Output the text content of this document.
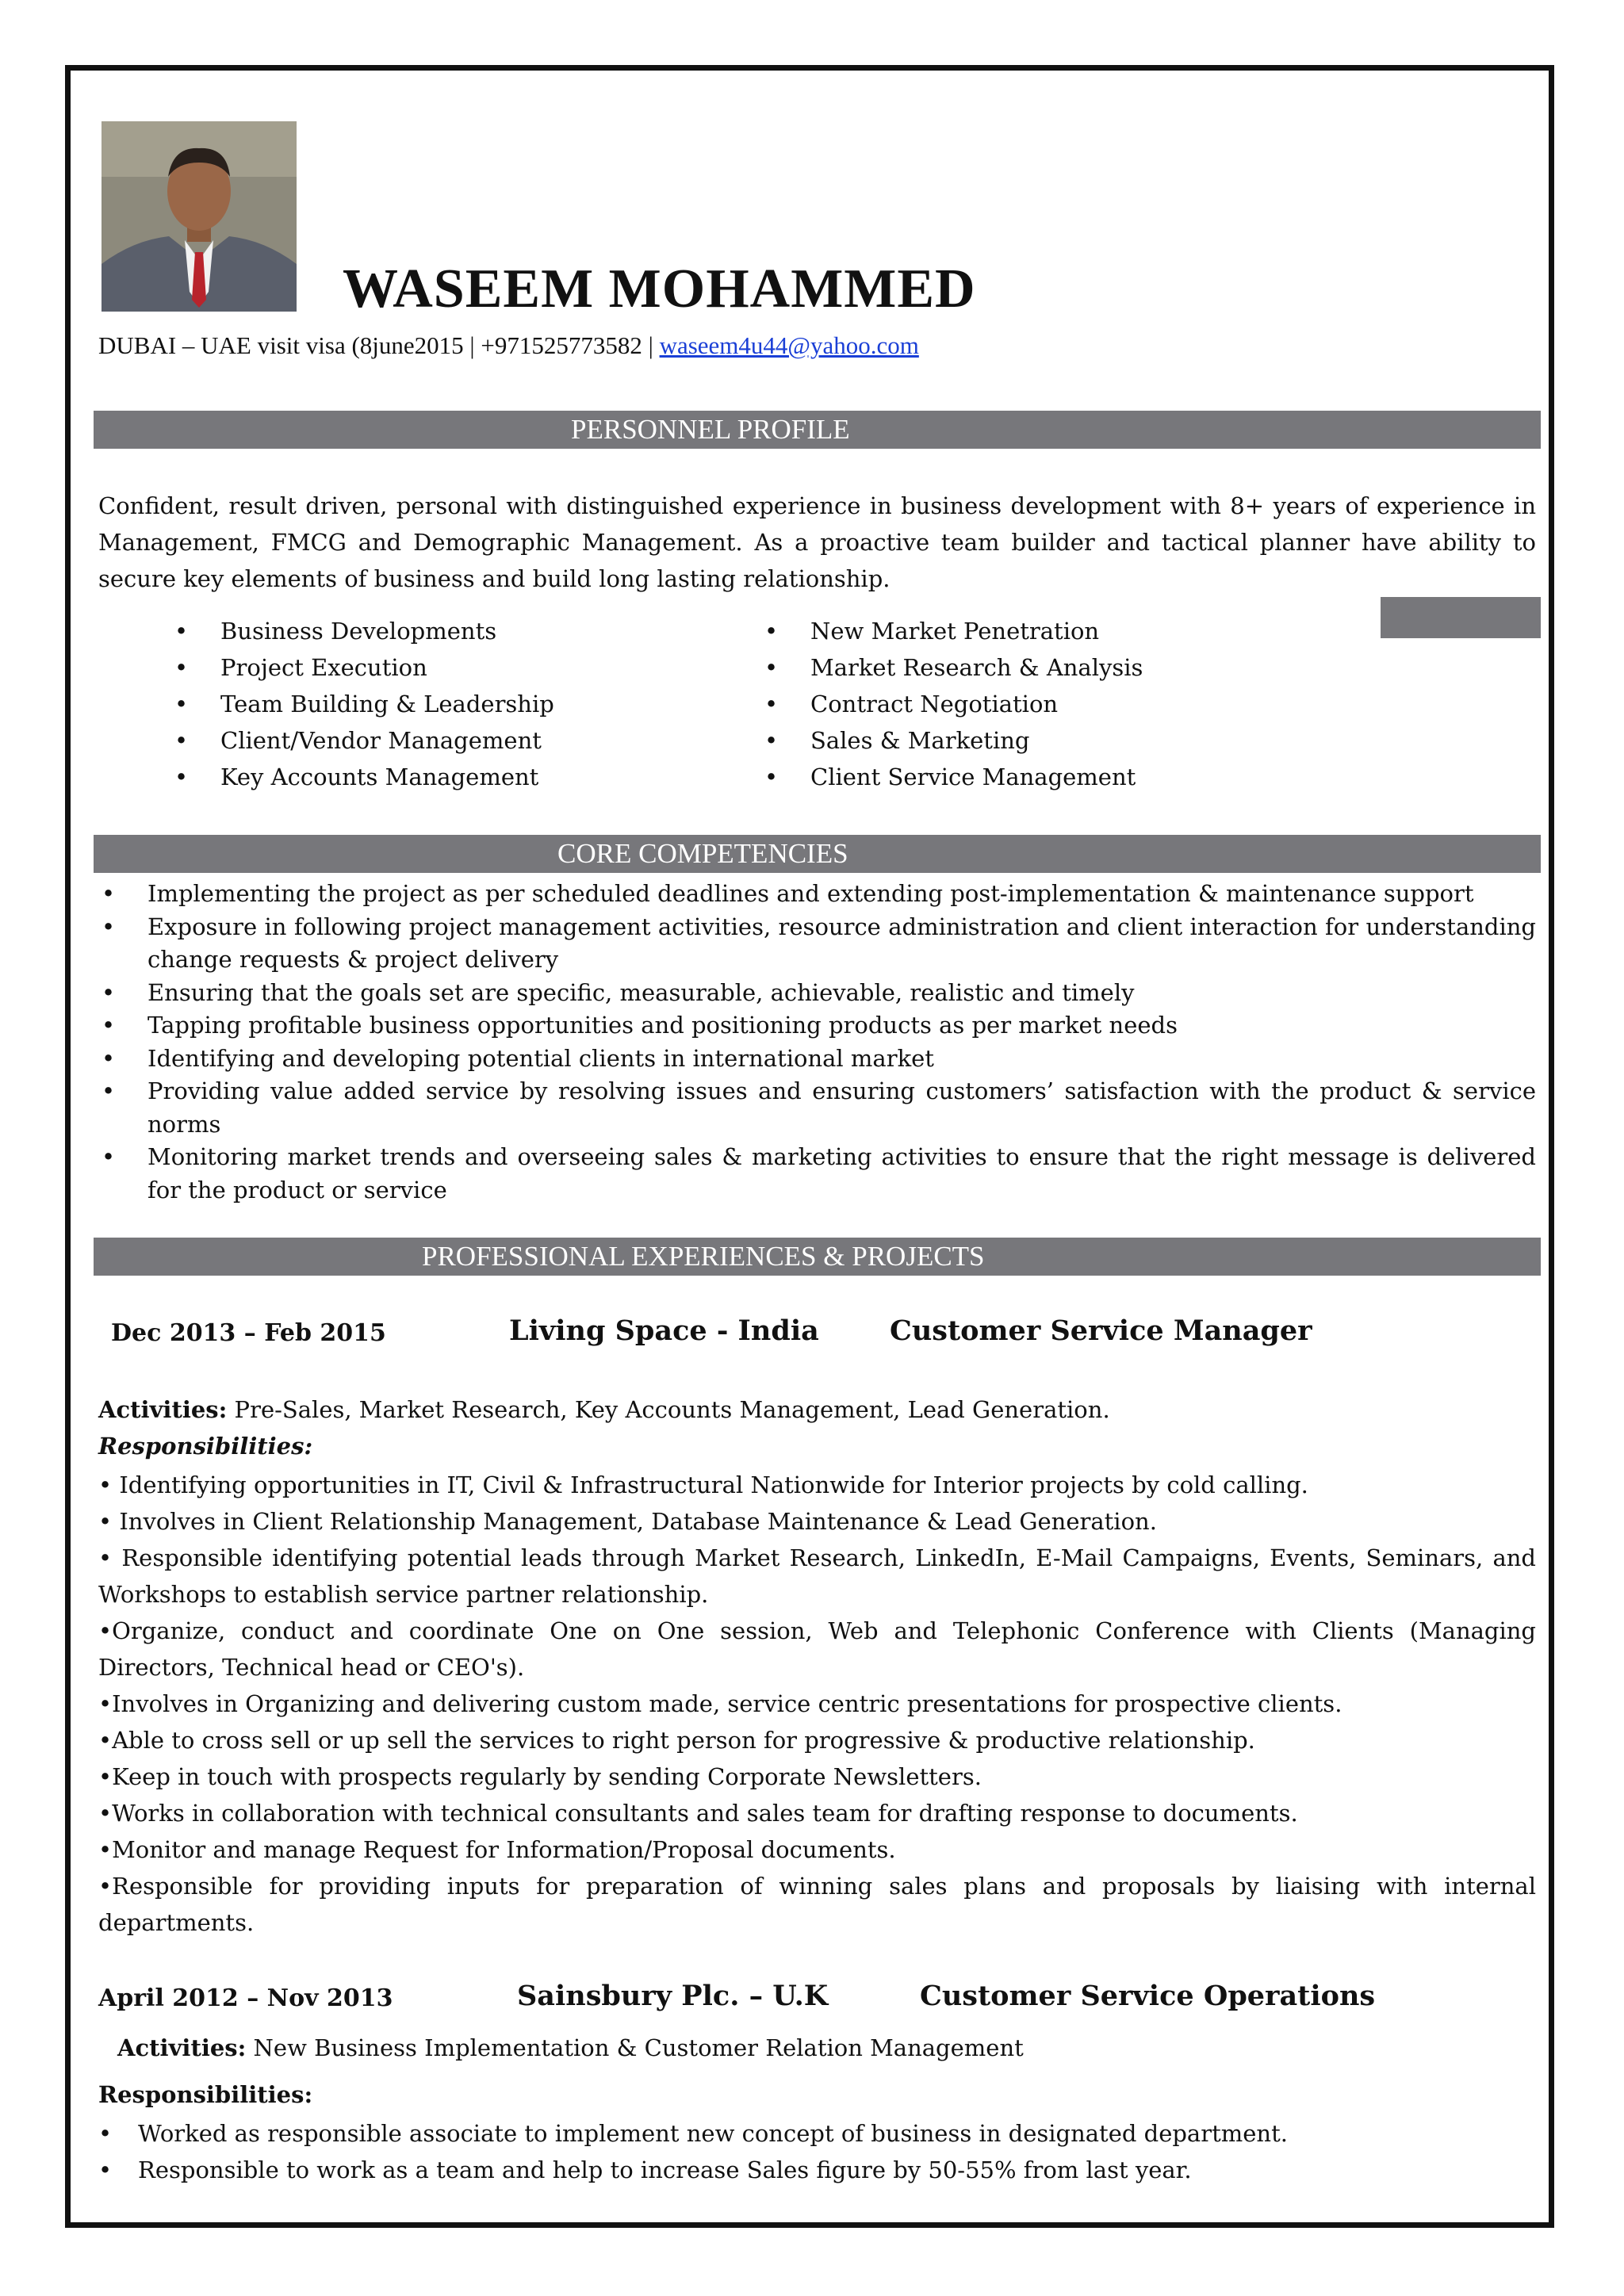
WASEEM MOHAMMED
DUBAI – UAE visit visa (8june2015 | +971525773582 | waseem4u44@yahoo.com
PERSONNEL PROFILE
Confident, result driven, personal with distinguished experience in business development with 8+ years of experience in Management, FMCG and Demographic Management. As a proactive team builder and tactical planner have ability to secure key elements of business and build long lasting relationship.
• Business Developments
• Project Execution
• Team Building & Leadership
• Client/Vendor Management
• Key Accounts Management
• New Market Penetration
• Market Research & Analysis
• Contract Negotiation
• Sales & Marketing
• Client Service Management
CORE COMPETENCIES
• Implementing the project as per scheduled deadlines and extending post-implementation & maintenance support
• Exposure in following project management activities, resource administration and client interaction for understanding change requests & project delivery
• Ensuring that the goals set are specific, measurable, achievable, realistic and timely
• Tapping profitable business opportunities and positioning products as per market needs
• Identifying and developing potential clients in international market
• Providing value added service by resolving issues and ensuring customers’ satisfaction with the product & service norms
• Monitoring market trends and overseeing sales & marketing activities to ensure that the right message is delivered for the product or service
PROFESSIONAL EXPERIENCES & PROJECTS
Dec 2013 – Feb 2015	Living Space - India	Customer Service Manager
Activities: Pre-Sales, Market Research, Key Accounts Management, Lead Generation.
Responsibilities:
• Identifying opportunities in IT, Civil & Infrastructural Nationwide for Interior projects by cold calling.
• Involves in Client Relationship Management, Database Maintenance & Lead Generation.
• Responsible identifying potential leads through Market Research, LinkedIn, E-Mail Campaigns, Events, Seminars, and Workshops to establish service partner relationship.
•Organize, conduct and coordinate One on One session, Web and Telephonic Conference with Clients (Managing Directors, Technical head or CEO's).
•Involves in Organizing and delivering custom made, service centric presentations for prospective clients.
•Able to cross sell or up sell the services to right person for progressive & productive relationship.
•Keep in touch with prospects regularly by sending Corporate Newsletters.
•Works in collaboration with technical consultants and sales team for drafting response to documents.
•Monitor and manage Request for Information/Proposal documents.
•Responsible for providing inputs for preparation of winning sales plans and proposals by liaising with internal departments.
April 2012 – Nov 2013	Sainsbury Plc. – U.K	Customer Service Operations
Activities: New Business Implementation & Customer Relation Management
Responsibilities:
• Worked as responsible associate to implement new concept of business in designated department.
• Responsible to work as a team and help to increase Sales figure by 50-55% from last year.
